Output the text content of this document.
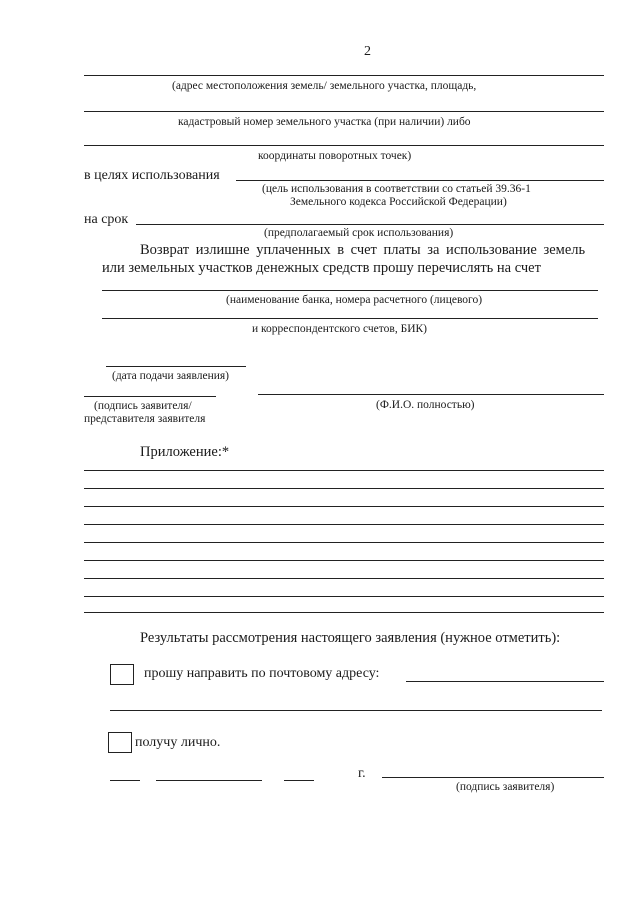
2
(адрес местоположения земель/ земельного участка, площадь,
кадастровый номер земельного участка (при наличии) либо
координаты поворотных точек)
в целях использования
(цель использования в соответствии со статьей 39.36-1
Земельного кодекса Российской Федерации)
на срок
(предполагаемый срок использования)
Возврат излишне уплаченных в счет платы за использование земель
или земельных участков денежных средств прошу перечислять на счет
(наименование банка, номера расчетного (лицевого)
и корреспондентского счетов, БИК)
(дата подачи заявления)
(подпись заявителя/
представителя заявителя
(Ф.И.О. полностью)
Приложение:*
Результаты рассмотрения настоящего заявления (нужное отметить):
прошу направить по почтовому адресу:
получу лично.
г.
(подпись заявителя)
